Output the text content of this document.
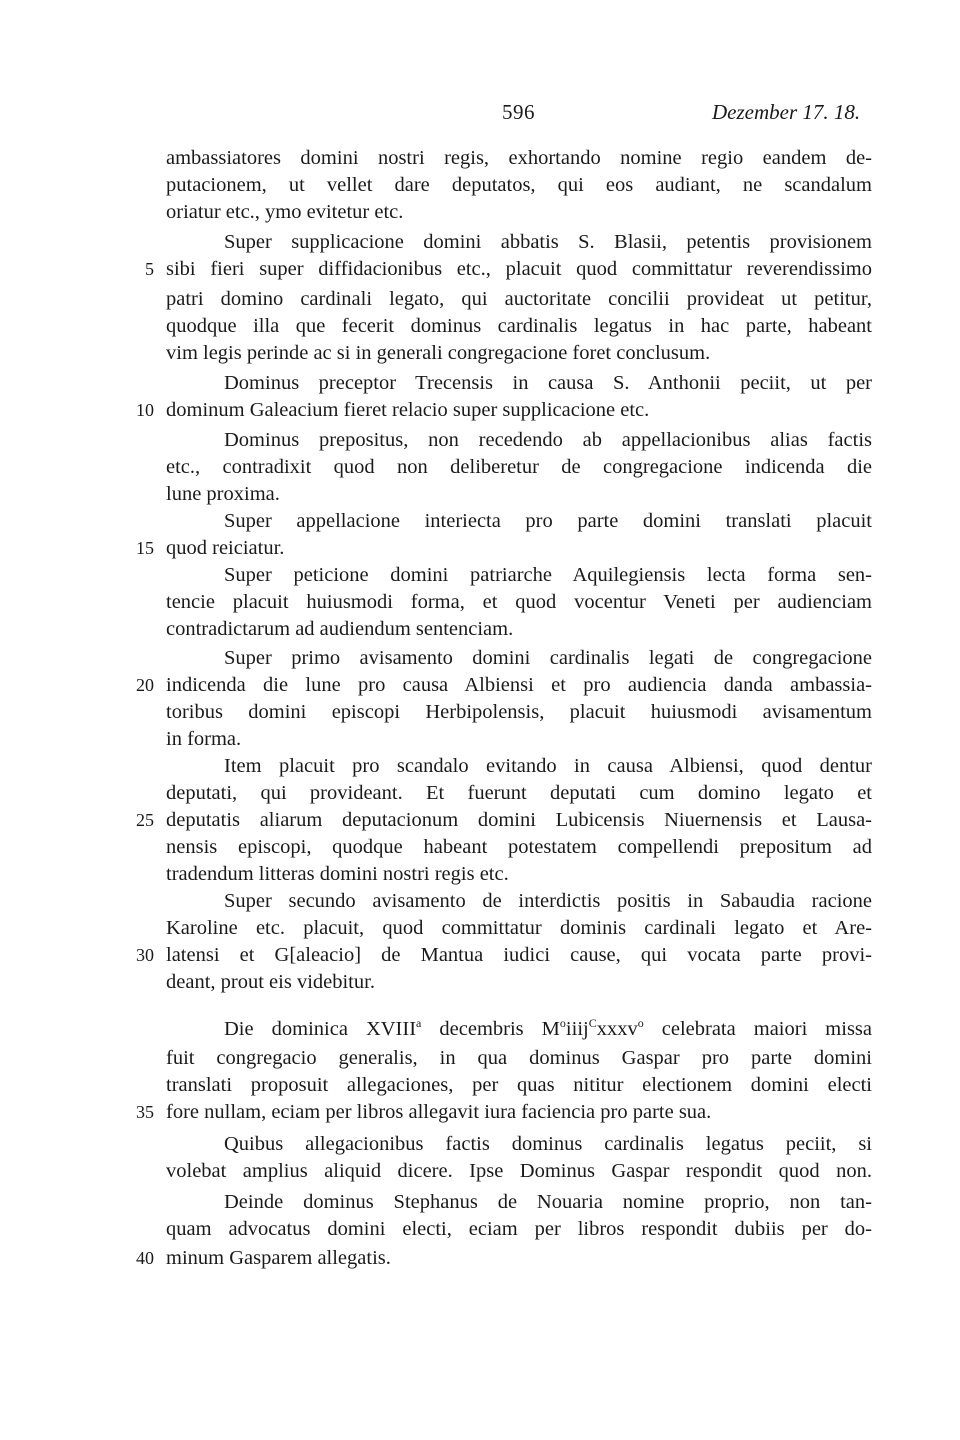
596	Dezember 17. 18.
ambassiatores domini nostri regis, exhortando nomine regio eandem de-
putacionem, ut vellet dare deputatos, qui eos audiant, ne scandalum
oriatur etc., ymo evitetur etc.
Super supplicacione domini abbatis S. Blasii, petentis provisionem
5 sibi fieri super diffidacionibus etc., placuit quod committatur reverendissimo
patri domino cardinali legato, qui auctoritate concilii provideat ut petitur,
quodque illa que fecerit dominus cardinalis legatus in hac parte, habeant
vim legis perinde ac si in generali congregacione foret conclusum.
Dominus preceptor Trecensis in causa S. Anthonii peciit, ut per
10 dominum Galeacium fieret relacio super supplicacione etc.
Dominus prepositus, non recedendo ab appellacionibus alias factis
etc., contradixit quod non deliberetur de congregacione indicenda die
lune proxima.
Super appellacione interiecta pro parte domini translati placuit
15 quod reiciatur.
Super peticione domini patriarche Aquilegiensis lecta forma sen-
tencie placuit huiusmodi forma, et quod vocentur Veneti per audienciam
contradictarum ad audiendum sentenciam.
Super primo avisamento domini cardinalis legati de congregacione
20 indicenda die lune pro causa Albiensi et pro audiencia danda ambassia-
toribus domini episcopi Herbipolensis, placuit huiusmodi avisamentum
in forma.
Item placuit pro scandalo evitando in causa Albiensi, quod dentur
deputati, qui provideant. Et fuerunt deputati cum domino legato et
25 deputatis aliarum deputacionum domini Lubicensis Niuernensis et Lausa-
nensis episcopi, quodque habeant potestatem compellendi prepositum ad
tradendum litteras domini nostri regis etc.
Super secundo avisamento de interdictis positis in Sabaudia racione
Karoline etc. placuit, quod committatur dominis cardinali legato et Are-
30 latensi et G[aleacio] de Mantua iudici cause, qui vocata parte provi-
deant, prout eis videbitur.
Die dominica XVIII$^a$ decembris $M^oiiij^Cxxxv^o$ celebrata maiori missa
fuit congregacio generalis, in qua dominus Gaspar pro parte domini
translati proposuit allegaciones, per quas nititur electionem domini electi
35 fore nullam, eciam per libros allegavit iura faciencia pro parte sua.
Quibus allegacionibus factis dominus cardinalis legatus peciit, si
volebat amplius aliquid dicere. Ipse Dominus Gaspar respondit quod non.
Deinde dominus Stephanus de Nouaria nomine proprio, non tan-
quam advocatus domini electi, eciam per libros respondit dubiis per do-
40 minum Gasparem allegatis.
